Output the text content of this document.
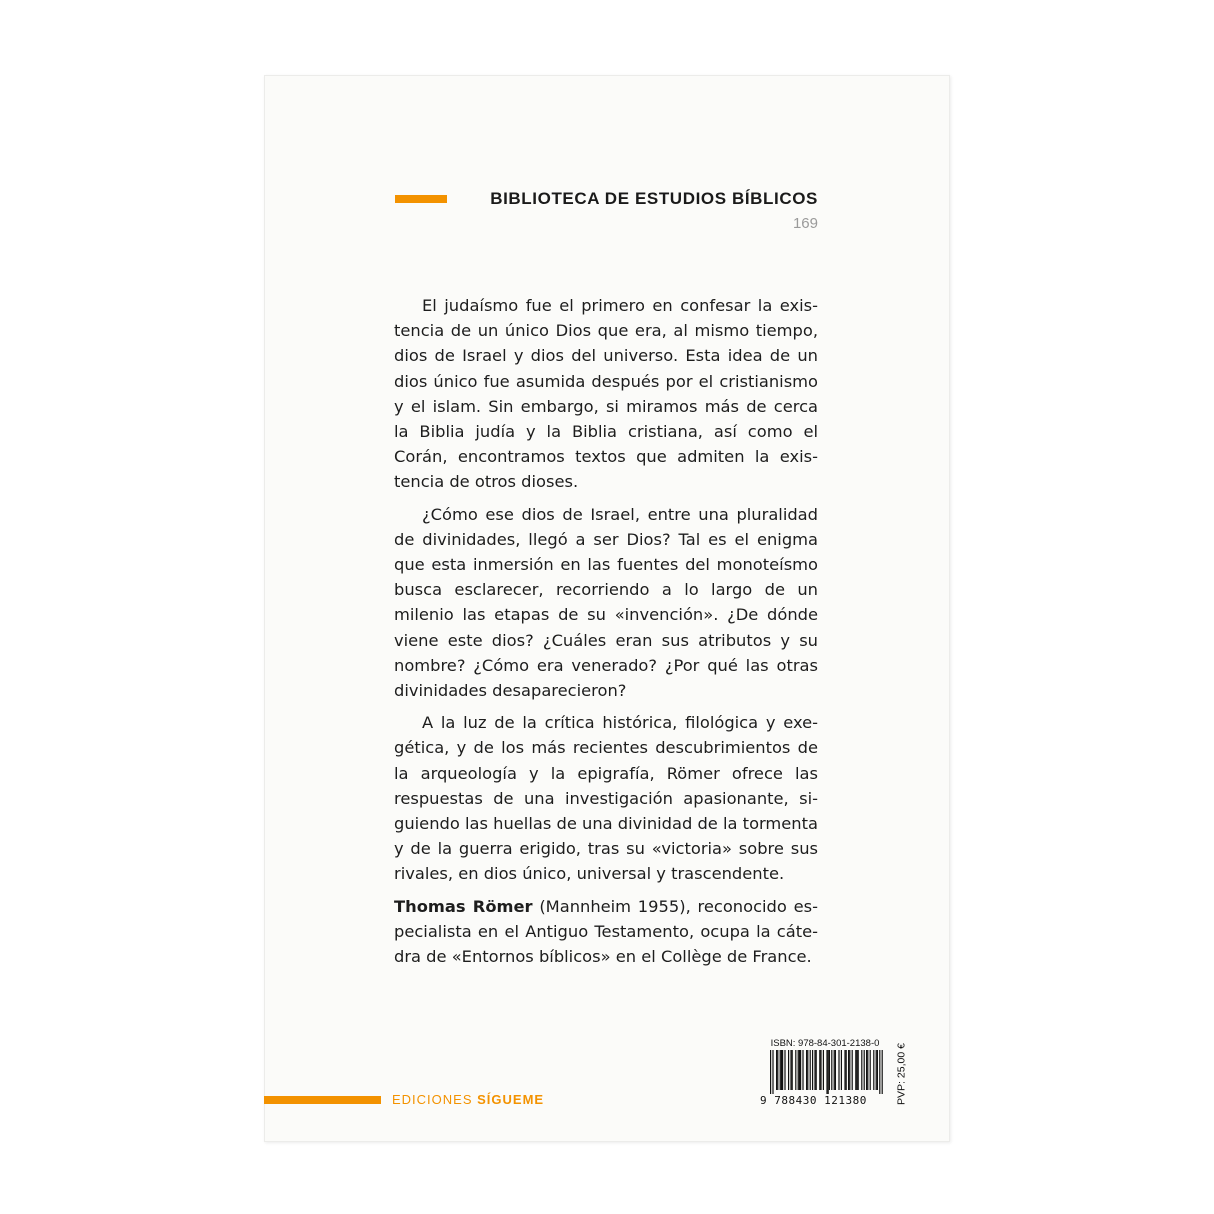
BIBLIOTECA DE ESTUDIOS BÍBLICOS
169

El judaísmo fue el primero en confesar la existencia de un único Dios que era, al mismo tiempo, dios de Israel y dios del universo. Esta idea de un dios único fue asumida después por el cristianismo y el islam. Sin embargo, si miramos más de cerca la Biblia judía y la Biblia cristiana, así como el Corán, encontramos textos que admiten la existencia de otros dioses.

¿Cómo ese dios de Israel, entre una pluralidad de divinidades, llegó a ser Dios? Tal es el enigma que esta inmersión en las fuentes del monoteísmo busca esclarecer, recorriendo a lo largo de un milenio las etapas de su «invención». ¿De dónde viene este dios? ¿Cuáles eran sus atributos y su nombre? ¿Cómo era venerado? ¿Por qué las otras divinidades desaparecieron?

A la luz de la crítica histórica, filológica y exegética, y de los más recientes descubrimientos de la arqueología y la epigrafía, Römer ofrece las respuestas de una investigación apasionante, siguiendo las huellas de una divinidad de la tormenta y de la guerra erigido, tras su «victoria» sobre sus rivales, en dios único, universal y trascendente.

Thomas Römer (Mannheim 1955), reconocido especialista en el Antiguo Testamento, ocupa la cátedra de «Entornos bíblicos» en el Collège de France.

ISBN: 978-84-301-2138-0
9 788430 121380	PVP: 25,00 €
EDICIONES SÍGUEME
